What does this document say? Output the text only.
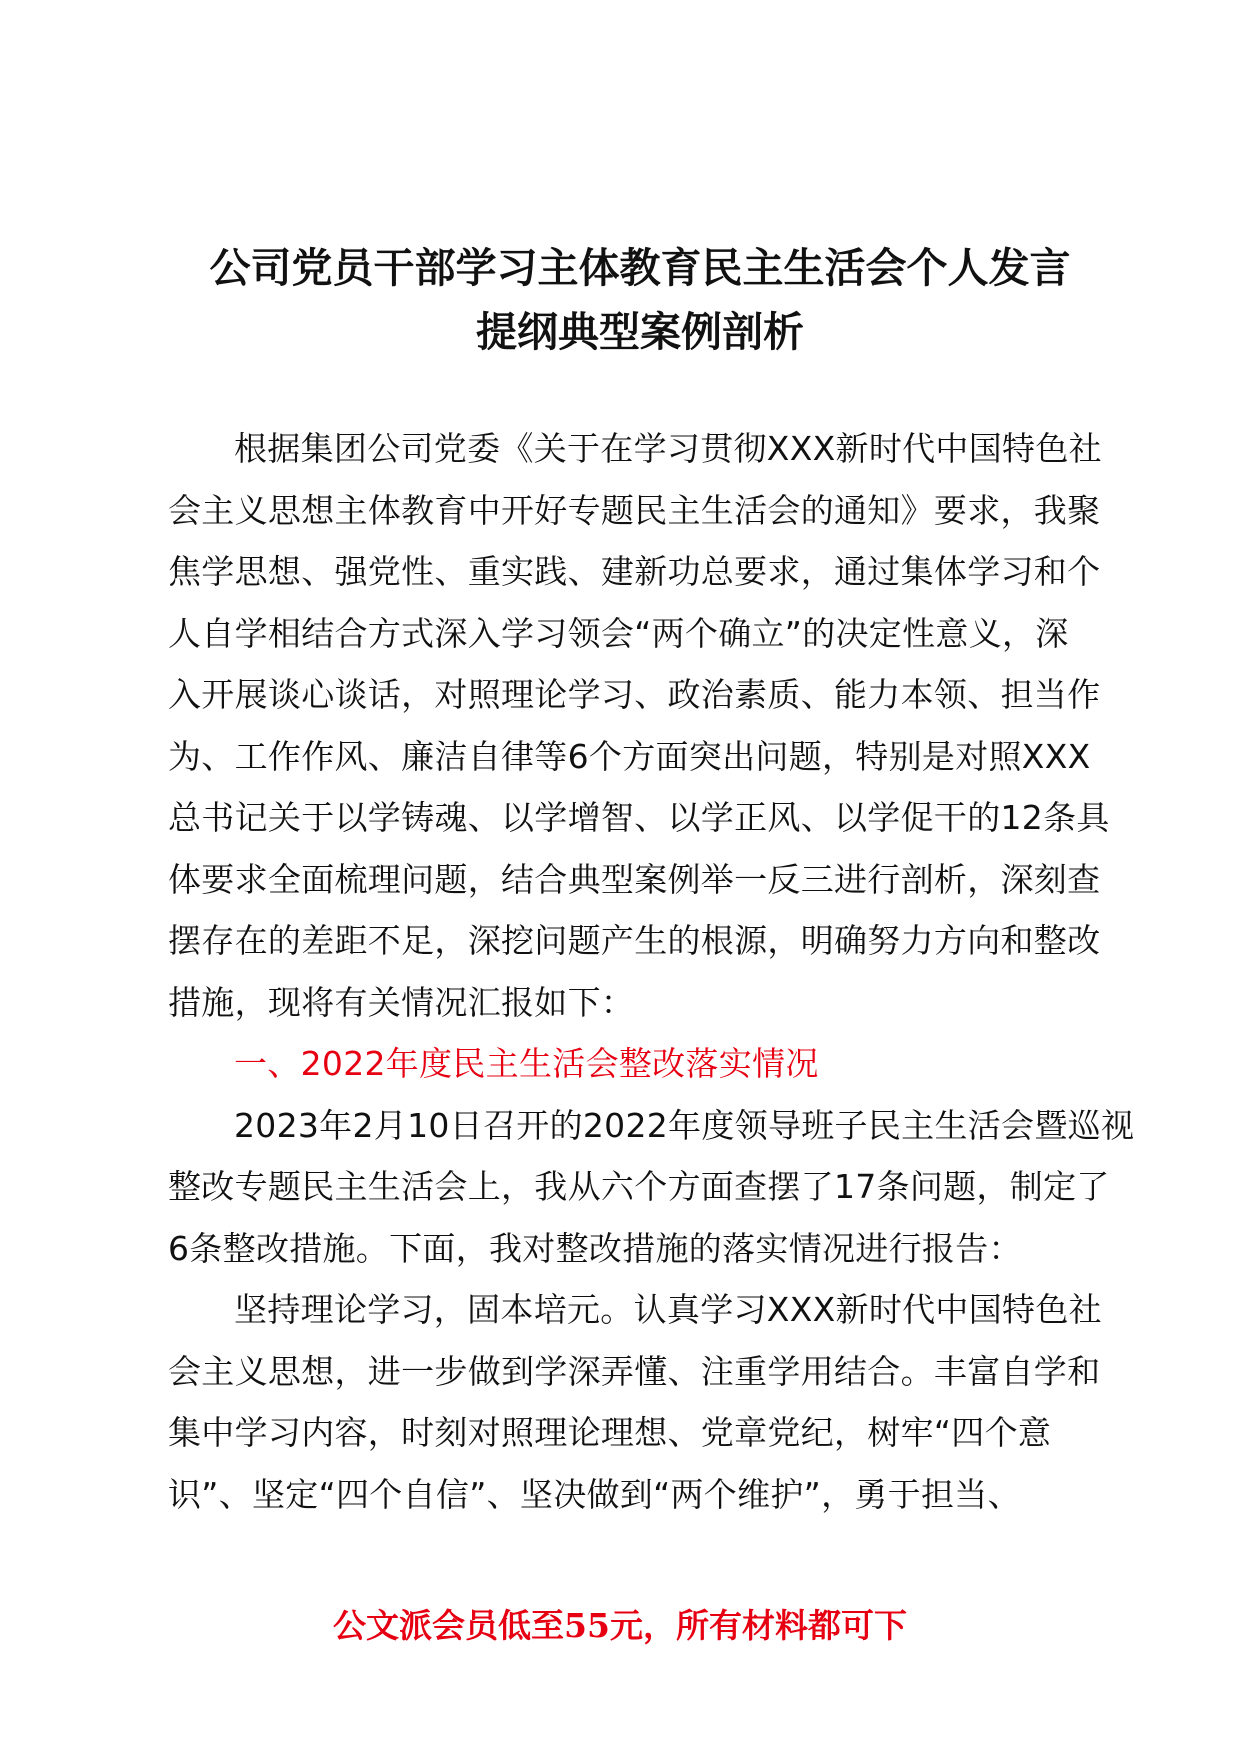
公司党员干部学习主体教育民主生活会个人发言
提纲典型案例剖析
根据集团公司党委《关于在学习贯彻XXX新时代中国特色社
会主义思想主体教育中开好专题民主生活会的通知》要求，我聚
焦学思想、强党性、重实践、建新功总要求，通过集体学习和个
人自学相结合方式深入学习领会“两个确立”的决定性意义，深
入开展谈心谈话，对照理论学习、政治素质、能力本领、担当作
为、工作作风、廉洁自律等6个方面突出问题，特别是对照XXX
总书记关于以学铸魂、以学增智、以学正风、以学促干的12条具
体要求全面梳理问题，结合典型案例举一反三进行剖析，深刻查
摆存在的差距不足，深挖问题产生的根源，明确努力方向和整改
措施，现将有关情况汇报如下：
一、2022年度民主生活会整改落实情况
2023年2月10日召开的2022年度领导班子民主生活会暨巡视
整改专题民主生活会上，我从六个方面查摆了17条问题，制定了
6条整改措施。下面，我对整改措施的落实情况进行报告：
坚持理论学习，固本培元。认真学习XXX新时代中国特色社
会主义思想，进一步做到学深弄懂、注重学用结合。丰富自学和
集中学习内容，时刻对照理论理想、党章党纪，树牢“四个意
识”、坚定“四个自信”、坚决做到“两个维护”，勇于担当、
公文派会员低至55元，所有材料都可下
